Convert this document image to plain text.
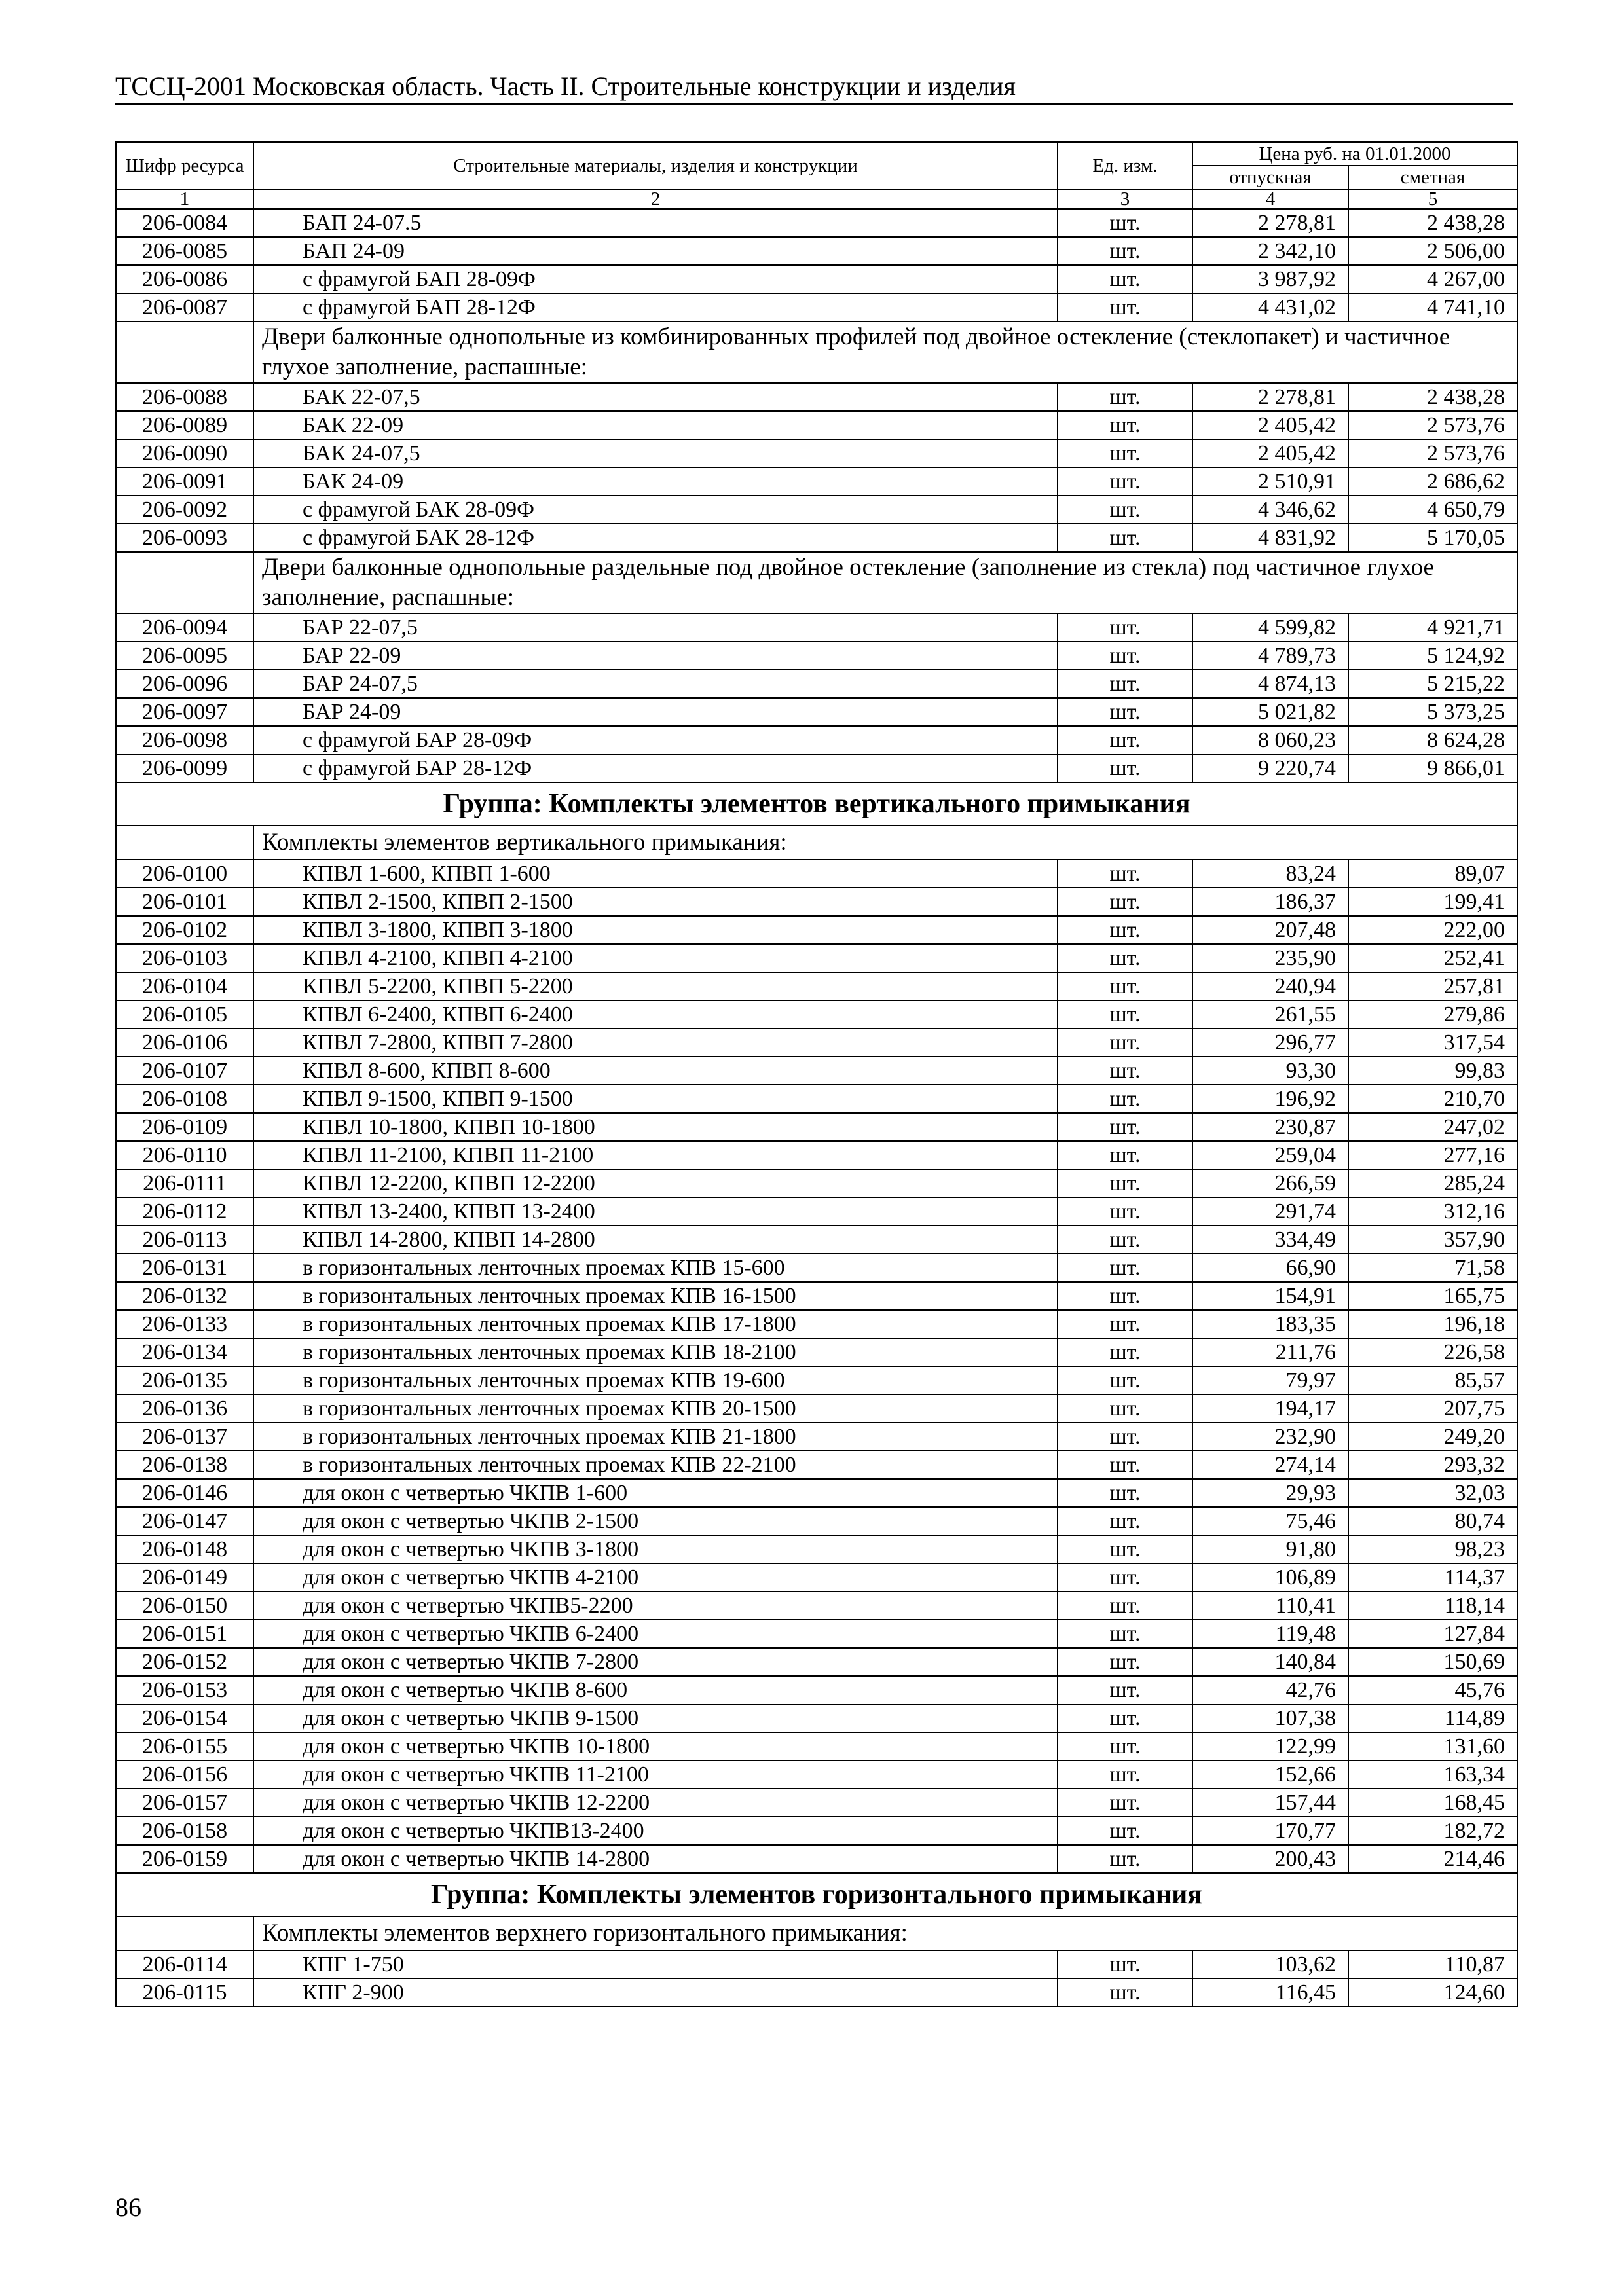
ТССЦ-2001 Московская область. Часть II. Строительные конструкции и изделия
Шифр ресурса	Строительные материалы, изделия и конструкции	Ед. изм.	Цена руб. на 01.01.2000	
			отпускная	сметная
1	2	3	4	5
206-0084	БАП 24-07.5	шт.	2 278,81	2 438,28
206-0085	БАП 24-09	шт.	2 342,10	2 506,00
206-0086	с фрамугой БАП 28-09Ф	шт.	3 987,92	4 267,00
206-0087	с фрамугой БАП 28-12Ф	шт.	4 431,02	4 741,10
	Двери балконные однопольные из комбинированных профилей под двойное остекление (стеклопакет) и частичное глухое заполнение, распашные:			
206-0088	БАК 22-07,5	шт.	2 278,81	2 438,28
206-0089	БАК 22-09	шт.	2 405,42	2 573,76
206-0090	БАК 24-07,5	шт.	2 405,42	2 573,76
206-0091	БАК 24-09	шт.	2 510,91	2 686,62
206-0092	с фрамугой БАК 28-09Ф	шт.	4 346,62	4 650,79
206-0093	с фрамугой БАК 28-12Ф	шт.	4 831,92	5 170,05
	Двери балконные однопольные раздельные под двойное остекление (заполнение из стекла) под частичное глухое заполнение, распашные:			
206-0094	БАР 22-07,5	шт.	4 599,82	4 921,71
206-0095	БАР 22-09	шт.	4 789,73	5 124,92
206-0096	БАР 24-07,5	шт.	4 874,13	5 215,22
206-0097	БАР 24-09	шт.	5 021,82	5 373,25
206-0098	с фрамугой БАР 28-09Ф	шт.	8 060,23	8 624,28
206-0099	с фрамугой БАР 28-12Ф	шт.	9 220,74	9 866,01
Группа: Комплекты элементов вертикального примыкания				
	Комплекты элементов вертикального примыкания:			
206-0100	КПВЛ 1-600, КПВП 1-600	шт.	83,24	89,07
206-0101	КПВЛ 2-1500, КПВП 2-1500	шт.	186,37	199,41
206-0102	КПВЛ 3-1800, КПВП 3-1800	шт.	207,48	222,00
206-0103	КПВЛ 4-2100, КПВП 4-2100	шт.	235,90	252,41
206-0104	КПВЛ 5-2200, КПВП 5-2200	шт.	240,94	257,81
206-0105	КПВЛ 6-2400, КПВП 6-2400	шт.	261,55	279,86
206-0106	КПВЛ 7-2800, КПВП 7-2800	шт.	296,77	317,54
206-0107	КПВЛ 8-600, КПВП 8-600	шт.	93,30	99,83
206-0108	КПВЛ 9-1500, КПВП 9-1500	шт.	196,92	210,70
206-0109	КПВЛ 10-1800, КПВП 10-1800	шт.	230,87	247,02
206-0110	КПВЛ 11-2100, КПВП 11-2100	шт.	259,04	277,16
206-0111	КПВЛ 12-2200, КПВП 12-2200	шт.	266,59	285,24
206-0112	КПВЛ 13-2400, КПВП 13-2400	шт.	291,74	312,16
206-0113	КПВЛ 14-2800, КПВП 14-2800	шт.	334,49	357,90
206-0131	в горизонтальных ленточных проемах КПВ 15-600	шт.	66,90	71,58
206-0132	в горизонтальных ленточных проемах КПВ 16-1500	шт.	154,91	165,75
206-0133	в горизонтальных ленточных проемах КПВ 17-1800	шт.	183,35	196,18
206-0134	в горизонтальных ленточных проемах КПВ 18-2100	шт.	211,76	226,58
206-0135	в горизонтальных ленточных проемах КПВ 19-600	шт.	79,97	85,57
206-0136	в горизонтальных ленточных проемах КПВ 20-1500	шт.	194,17	207,75
206-0137	в горизонтальных ленточных проемах КПВ 21-1800	шт.	232,90	249,20
206-0138	в горизонтальных ленточных проемах КПВ 22-2100	шт.	274,14	293,32
206-0146	для окон с четвертью ЧКПВ 1-600	шт.	29,93	32,03
206-0147	для окон с четвертью ЧКПВ 2-1500	шт.	75,46	80,74
206-0148	для окон с четвертью ЧКПВ 3-1800	шт.	91,80	98,23
206-0149	для окон с четвертью ЧКПВ 4-2100	шт.	106,89	114,37
206-0150	для окон с четвертью ЧКПВ5-2200	шт.	110,41	118,14
206-0151	для окон с четвертью ЧКПВ 6-2400	шт.	119,48	127,84
206-0152	для окон с четвертью ЧКПВ 7-2800	шт.	140,84	150,69
206-0153	для окон с четвертью ЧКПВ 8-600	шт.	42,76	45,76
206-0154	для окон с четвертью ЧКПВ 9-1500	шт.	107,38	114,89
206-0155	для окон с четвертью ЧКПВ 10-1800	шт.	122,99	131,60
206-0156	для окон с четвертью ЧКПВ 11-2100	шт.	152,66	163,34
206-0157	для окон с четвертью ЧКПВ 12-2200	шт.	157,44	168,45
206-0158	для окон с четвертью ЧКПВ13-2400	шт.	170,77	182,72
206-0159	для окон с четвертью ЧКПВ 14-2800	шт.	200,43	214,46
Группа: Комплекты элементов горизонтального примыкания				
	Комплекты элементов верхнего горизонтального примыкания:			
206-0114	КПГ 1-750	шт.	103,62	110,87
206-0115	КПГ 2-900	шт.	116,45	124,60
86
